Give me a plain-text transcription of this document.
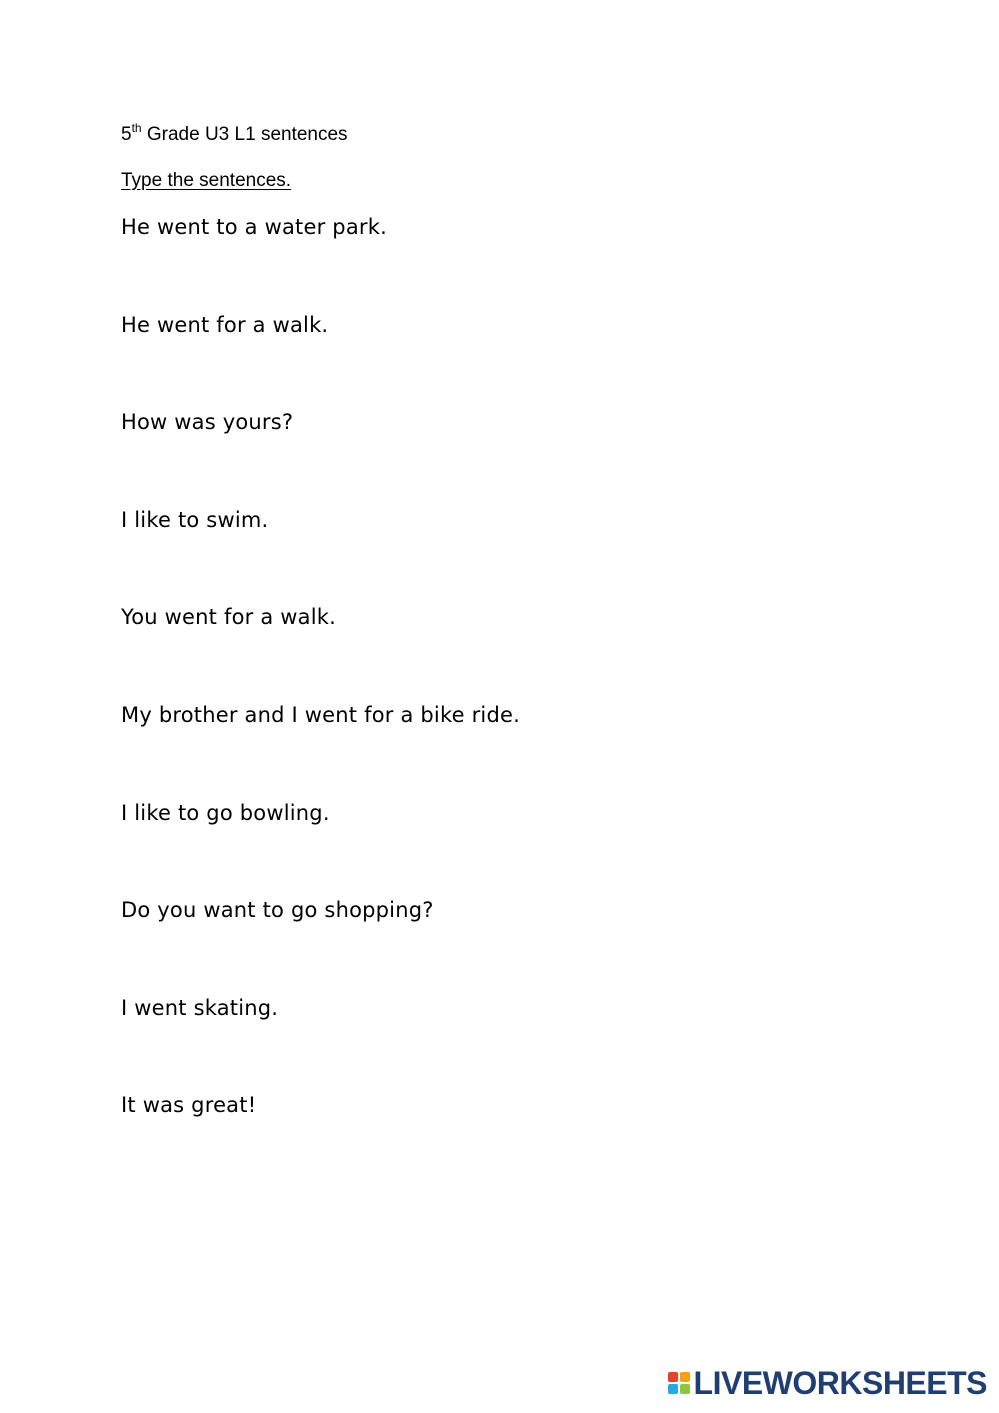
5th Grade U3 L1 sentences
Type the sentences.
He went to a water park.
He went for a walk.
How was yours?
I like to swim.
You went for a walk.
My brother and I went for a bike ride.
I like to go bowling.
Do you want to go shopping?
I went skating.
It was great!
LIVEWORKSHEETS
